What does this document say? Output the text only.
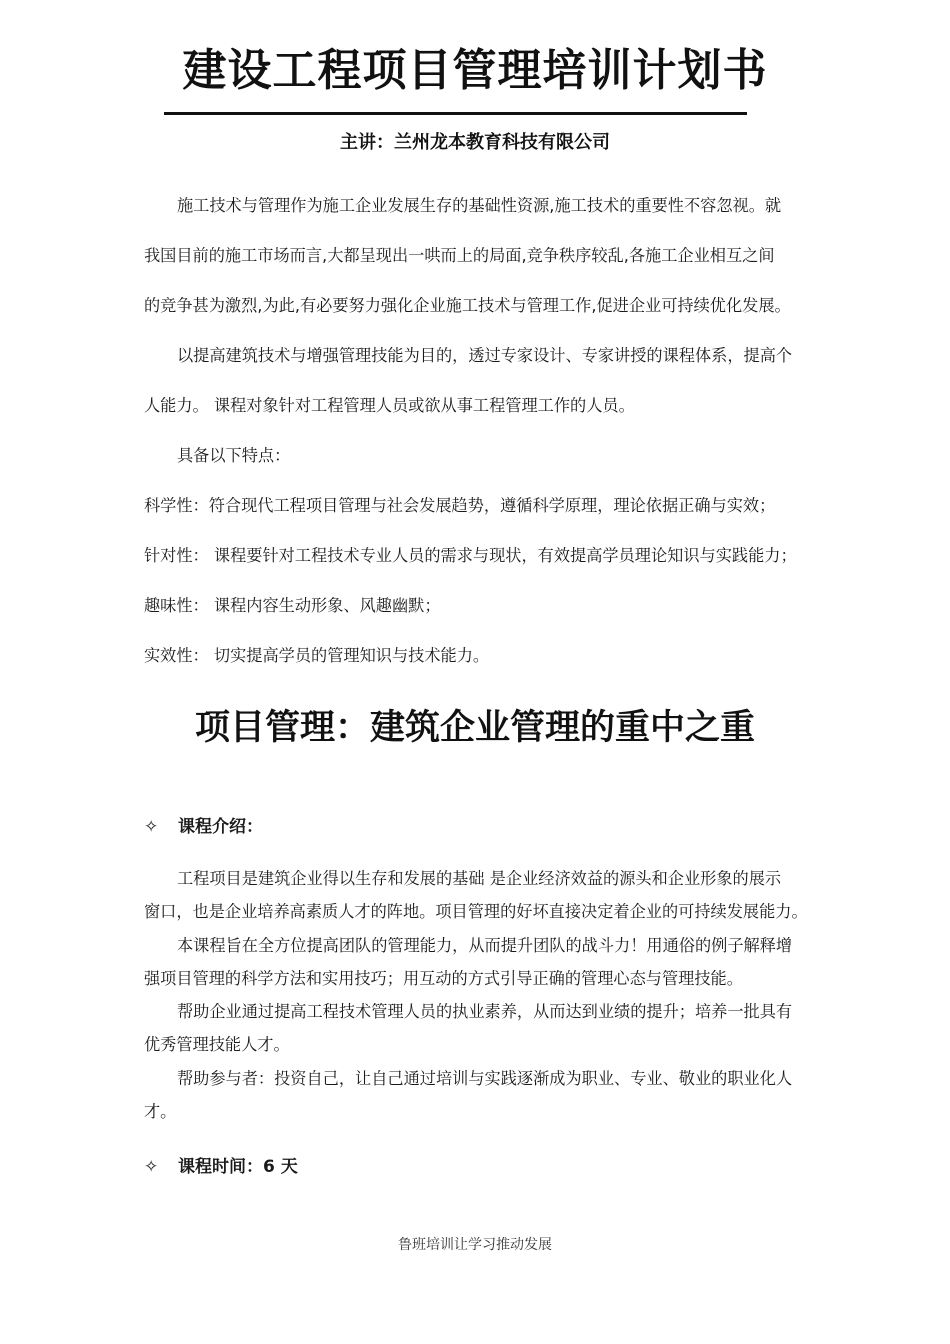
建设工程项目管理培训计划书
主讲：兰州龙本教育科技有限公司
施工技术与管理作为施工企业发展生存的基础性资源,施工技术的重要性不容忽视。就
我国目前的施工市场而言,大都呈现出一哄而上的局面,竞争秩序较乱,各施工企业相互之间
的竞争甚为激烈,为此,有必要努力强化企业施工技术与管理工作,促进企业可持续优化发展。
以提高建筑技术与增强管理技能为目的，透过专家设计、专家讲授的课程体系，提高个
人能力。 课程对象针对工程管理人员或欲从事工程管理工作的人员。
具备以下特点：
科学性：符合现代工程项目管理与社会发展趋势，遵循科学原理，理论依据正确与实效；
针对性： 课程要针对工程技术专业人员的需求与现状，有效提高学员理论知识与实践能力；
趣味性： 课程内容生动形象、风趣幽默；
实效性： 切实提高学员的管理知识与技术能力。
项目管理：建筑企业管理的重中之重
✧ 课程介绍：
工程项目是建筑企业得以生存和发展的基础 是企业经济效益的源头和企业形象的展示
窗口，也是企业培养高素质人才的阵地。项目管理的好坏直接决定着企业的可持续发展能力。
本课程旨在全方位提高团队的管理能力，从而提升团队的战斗力！用通俗的例子解释增
强项目管理的科学方法和实用技巧；用互动的方式引导正确的管理心态与管理技能。
帮助企业通过提高工程技术管理人员的执业素养，从而达到业绩的提升；培养一批具有
优秀管理技能人才。
帮助参与者：投资自己，让自己通过培训与实践逐渐成为职业、专业、敬业的职业化人
才。
✧ 课程时间：6 天
鲁班培训让学习推动发展
